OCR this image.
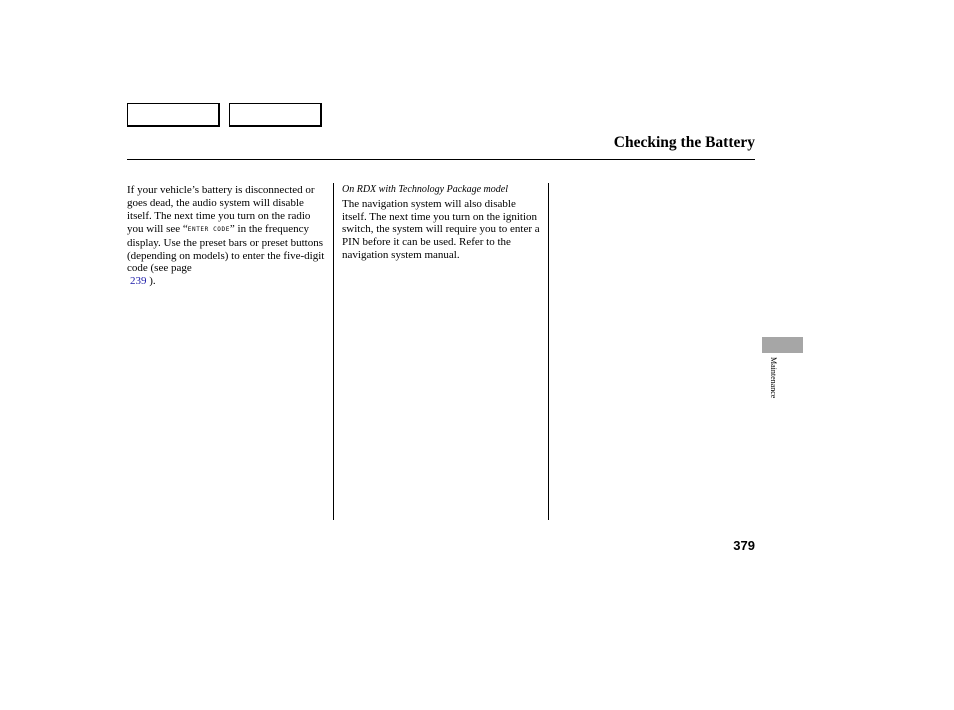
Checking the Battery
If your vehicle’s battery is disconnected or goes dead, the audio system will disable itself. The next time you turn on the radio you will see “ENTER CODE” in the frequency display. Use the preset bars or preset buttons (depending on models) to enter the five-digit code (see page
239 ).
On RDX with Technology Package model
The navigation system will also disable itself. The next time you turn on the ignition switch, the system will require you to enter a PIN before it can be used. Refer to the navigation system manual.
Maintenance
379
